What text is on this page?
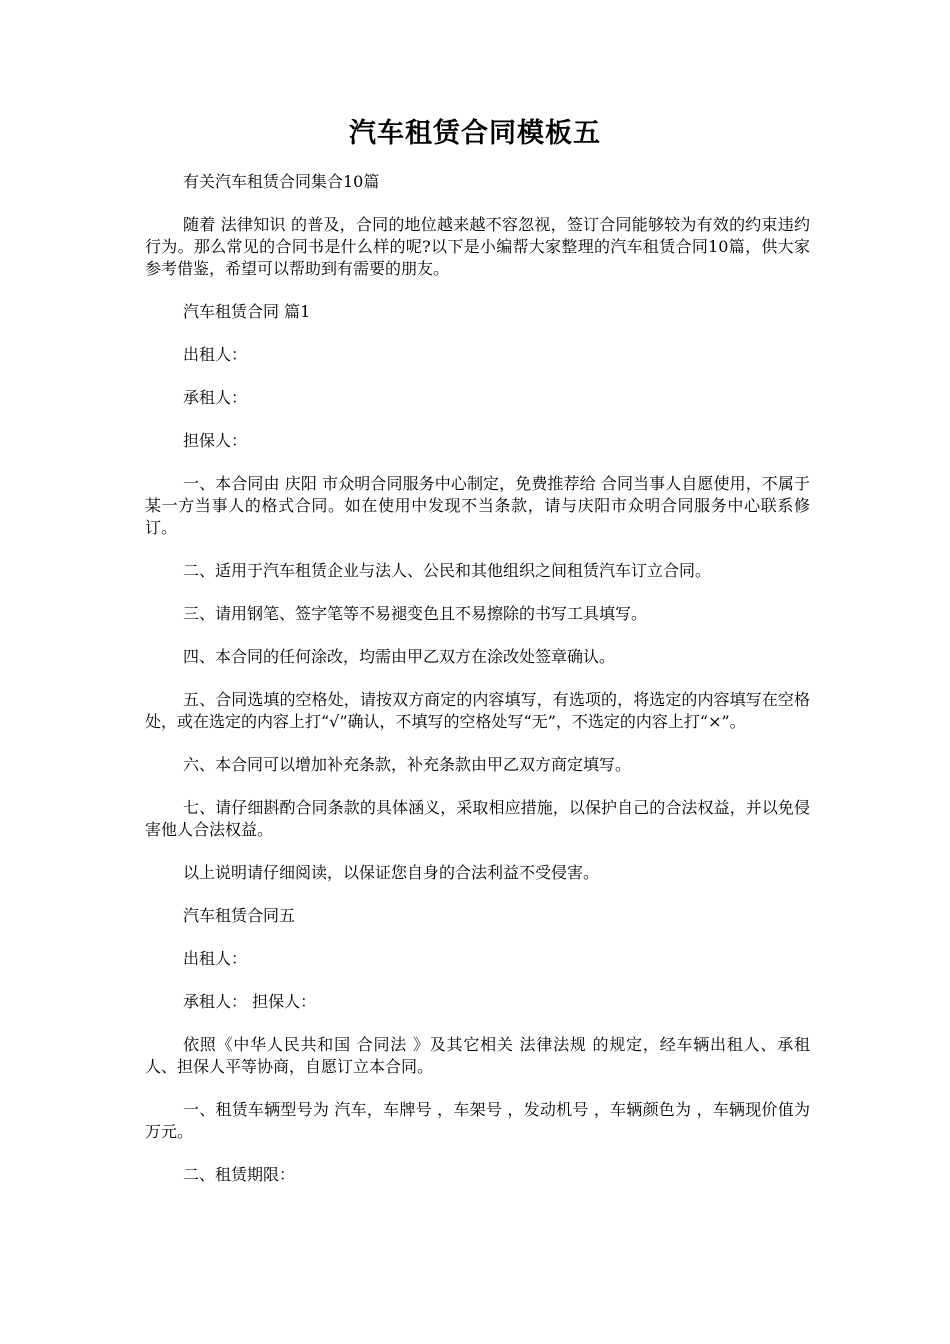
汽车租赁合同模板五

有关汽车租赁合同集合10篇

随着 法律知识 的普及，合同的地位越来越不容忽视，签订合同能够较为有效的约束违约行为。那么常见的合同书是什么样的呢?以下是小编帮大家整理的汽车租赁合同10篇，供大家参考借鉴，希望可以帮助到有需要的朋友。

汽车租赁合同 篇1

出租人：

承租人：

担保人：

一、本合同由 庆阳 市众明合同服务中心制定，免费推荐给 合同当事人自愿使用，不属于某一方当事人的格式合同。如在使用中发现不当条款，请与庆阳市众明合同服务中心联系修订。

二、适用于汽车租赁企业与法人、公民和其他组织之间租赁汽车订立合同。

三、请用钢笔、签字笔等不易褪变色且不易擦除的书写工具填写。

四、本合同的任何涂改，均需由甲乙双方在涂改处签章确认。

五、合同选填的空格处，请按双方商定的内容填写，有选项的，将选定的内容填写在空格处，或在选定的内容上打“√”确认，不填写的空格处写“无”，不选定的内容上打“×”。

六、本合同可以增加补充条款，补充条款由甲乙双方商定填写。

七、请仔细斟酌合同条款的具体涵义，采取相应措施，以保护自己的合法权益，并以免侵害他人合法权益。

以上说明请仔细阅读，以保证您自身的合法利益不受侵害。

汽车租赁合同五

出租人：

承租人： 担保人：

依照《中华人民共和国 合同法 》及其它相关 法律法规 的规定，经车辆出租人、承租人、担保人平等协商，自愿订立本合同。

一、租赁车辆型号为 汽车，车牌号 ，车架号 ，发动机号 ，车辆颜色为 ，车辆现价值为 万元。

二、租赁期限：
